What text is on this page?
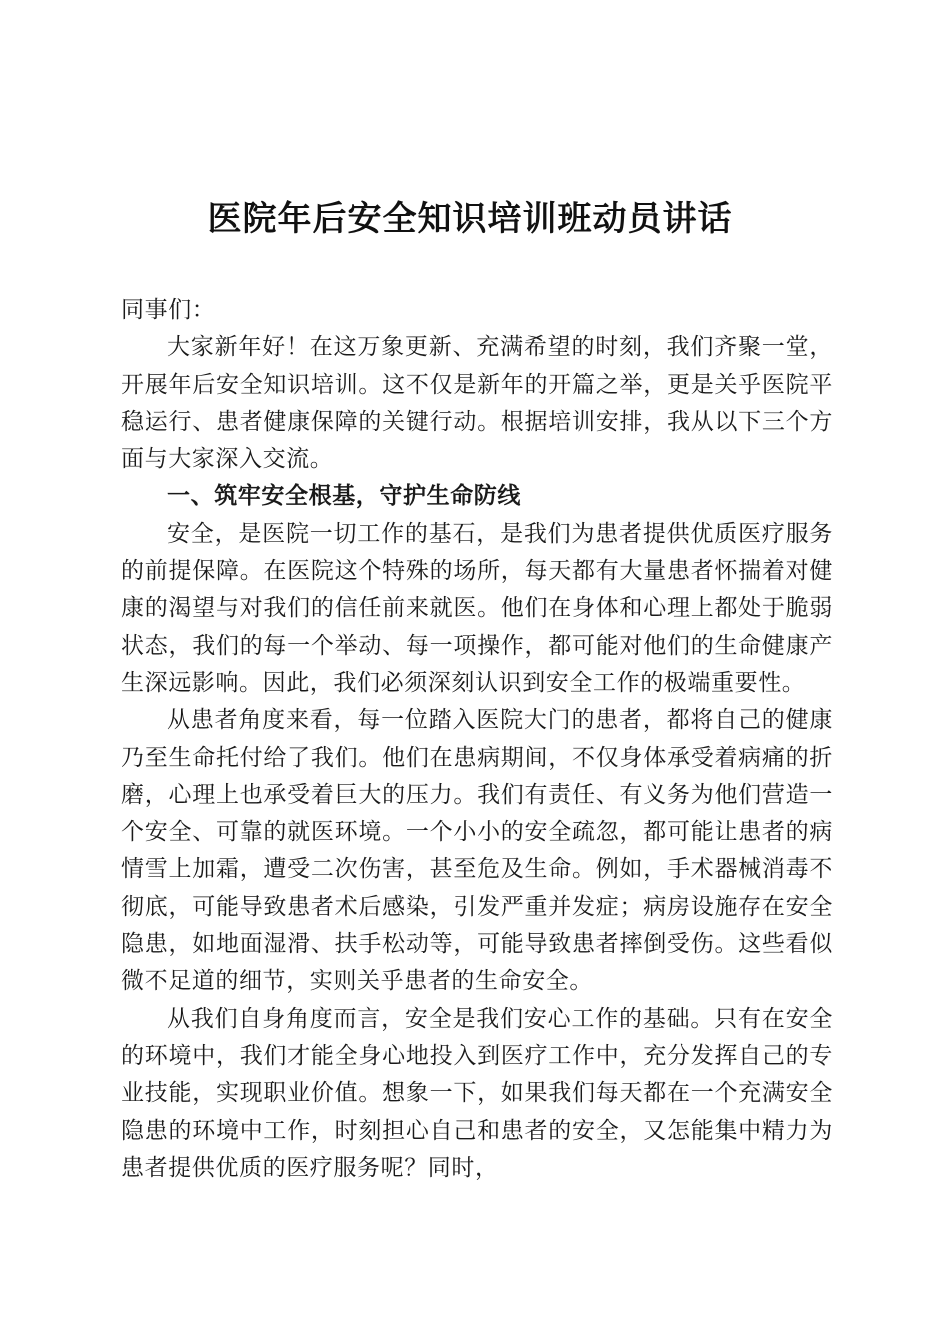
医院年后安全知识培训班动员讲话

同事们：

大家新年好！在这万象更新、充满希望的时刻，我们齐聚一堂，开展年后安全知识培训。这不仅是新年的开篇之举，更是关乎医院平稳运行、患者健康保障的关键行动。根据培训安排，我从以下三个方面与大家深入交流。

一、筑牢安全根基，守护生命防线

安全，是医院一切工作的基石，是我们为患者提供优质医疗服务的前提保障。在医院这个特殊的场所，每天都有大量患者怀揣着对健康的渴望与对我们的信任前来就医。他们在身体和心理上都处于脆弱状态，我们的每一个举动、每一项操作，都可能对他们的生命健康产生深远影响。因此，我们必须深刻认识到安全工作的极端重要性。

从患者角度来看，每一位踏入医院大门的患者，都将自己的健康乃至生命托付给了我们。他们在患病期间，不仅身体承受着病痛的折磨，心理上也承受着巨大的压力。我们有责任、有义务为他们营造一个安全、可靠的就医环境。一个小小的安全疏忽，都可能让患者的病情雪上加霜，遭受二次伤害，甚至危及生命。例如，手术器械消毒不彻底，可能导致患者术后感染，引发严重并发症；病房设施存在安全隐患，如地面湿滑、扶手松动等，可能导致患者摔倒受伤。这些看似微不足道的细节，实则关乎患者的生命安全。

从我们自身角度而言，安全是我们安心工作的基础。只有在安全的环境中，我们才能全身心地投入到医疗工作中，充分发挥自己的专业技能，实现职业价值。想象一下，如果我们每天都在一个充满安全隐患的环境中工作，时刻担心自己和患者的安全，又怎能集中精力为患者提供优质的医疗服务呢？同时，
